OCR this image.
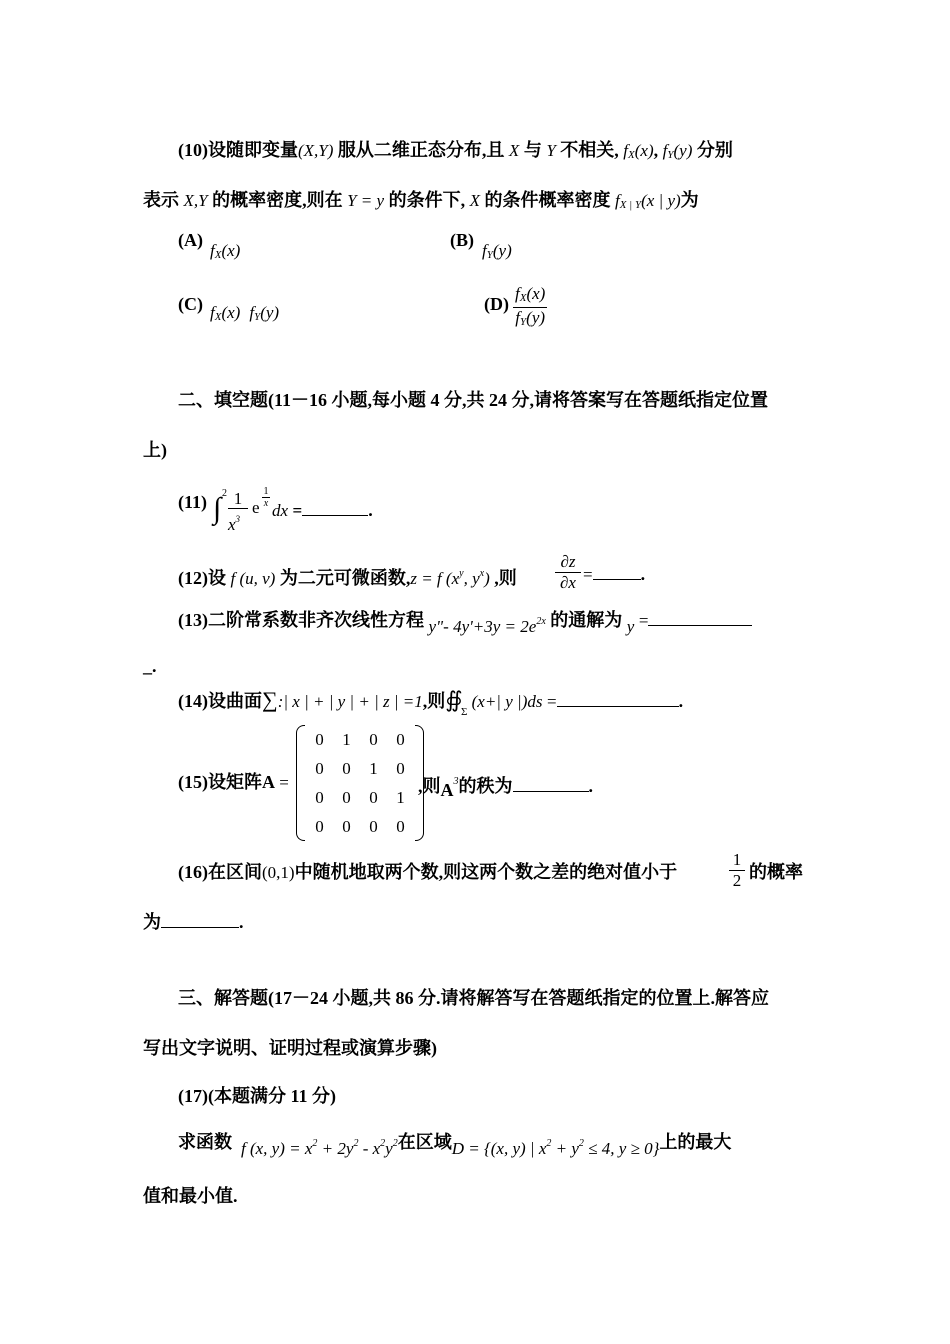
(10)设随即变量(X,Y) 服从二维正态分布,且 X 与 Y 不相关, fX(x), fY(y) 分别
表示 X,Y 的概率密度,则在 Y = y 的条件下, X 的条件概率密度 fX | Y(x | y)为
(A)
fX(x)
(B)
fY(y)
(C) fX(x) fY(y)	$(D) \frac{fX(x)}{fY(y)}$
二、填空题(11－16 小题,每小题 4 分,共 24 分,请将答案写在答题纸指定位置
上)
(11) ∫ 2 1
$x^3$
e $\frac{1}{x}$
dx =	.
(12)设 f (u, v) 为二元可微函数,z = f ($x^y$, $y^x$) ,则 $\frac{\partial z}{\partial x}$ =	.
(13)二阶常系数非齐次线性方程 y"- $4y'+3y = 2e^{2x}$ 的通解为 y =
_.
(14)设曲面∑:| x | + | y | + | z | =1,则∯ (x+| y |)ds =	.
Σ
(15)设矩阵A =
0 1 0 0
0 0 1 0
0 0 0 1
0 0 0 0
,则$A^3$的秩为	.
(16)在区间(0,1)中随机地取两个数,则这两个数之差的绝对值小于	$\frac{1}{2}$ 的概率
为	.
三、解答题(17－24 小题,共 86 分.请将解答写在答题纸指定的位置上.解答应
写出文字说明、证明过程或演算步骤)
(17)(本题满分 11 分)
求函数 f (x, $y) = x^2 + 2y^2 - x^2y^2$在区域D = {(x, y) | $x^2 + y^2 \le 4$, y ≥ 0}上的最大
值和最小值.
